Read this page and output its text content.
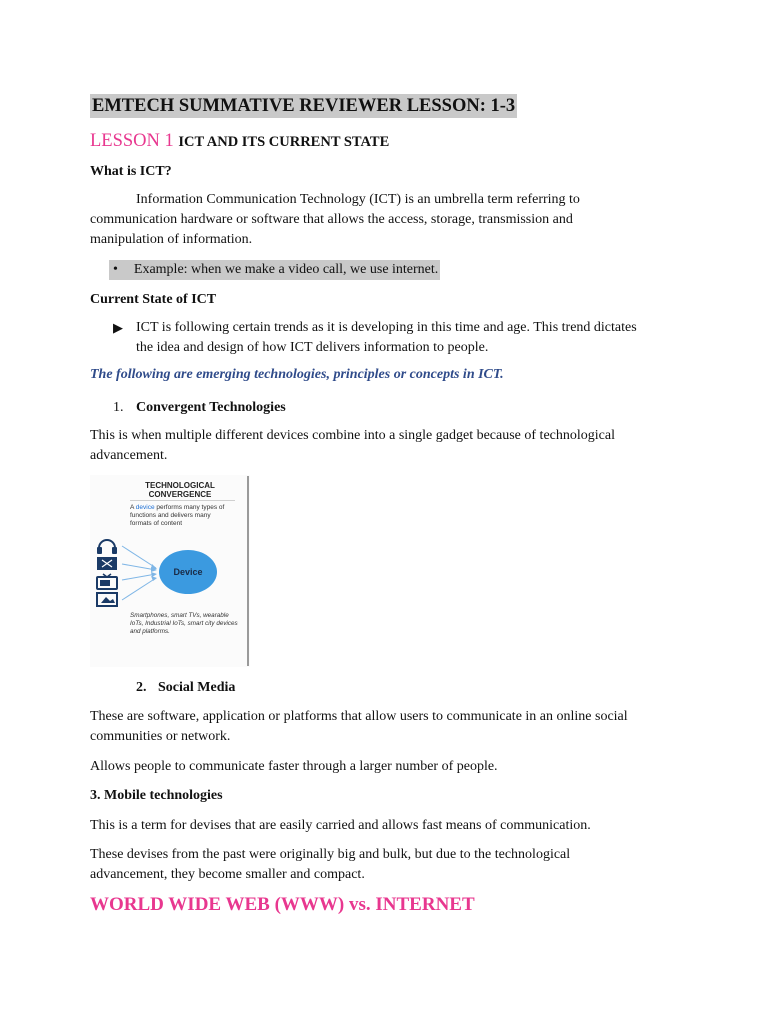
EMTECH SUMMATIVE REVIEWER LESSON: 1-3
LESSON 1 ICT AND ITS CURRENT STATE
What is ICT?
Information Communication Technology (ICT) is an umbrella term referring to
communication hardware or software that allows the access, storage, transmission and
manipulation of information.
• Example: when we make a video call, we use internet.
Current State of ICT
▶ ICT is following certain trends as it is developing in this time and age. This trend dictates
the idea and design of how ICT delivers information to people.
The following are emerging technologies, principles or concepts in ICT.
1. Convergent Technologies
This is when multiple different devices combine into a single gadget because of technological
advancement.
TECHNOLOGICAL
CONVERGENCE
A device performs many types of functions and delivers many formats of content
Device
Smartphones, smart TVs, wearable IoTs, Industrial IoTs, smart city devices and platforms.
2. Social Media
These are software, application or platforms that allow users to communicate in an online social
communities or network.
Allows people to communicate faster through a larger number of people.
3. Mobile technologies
This is a term for devises that are easily carried and allows fast means of communication.
These devises from the past were originally big and bulk, but due to the technological
advancement, they become smaller and compact.
WORLD WIDE WEB (WWW) vs. INTERNET
